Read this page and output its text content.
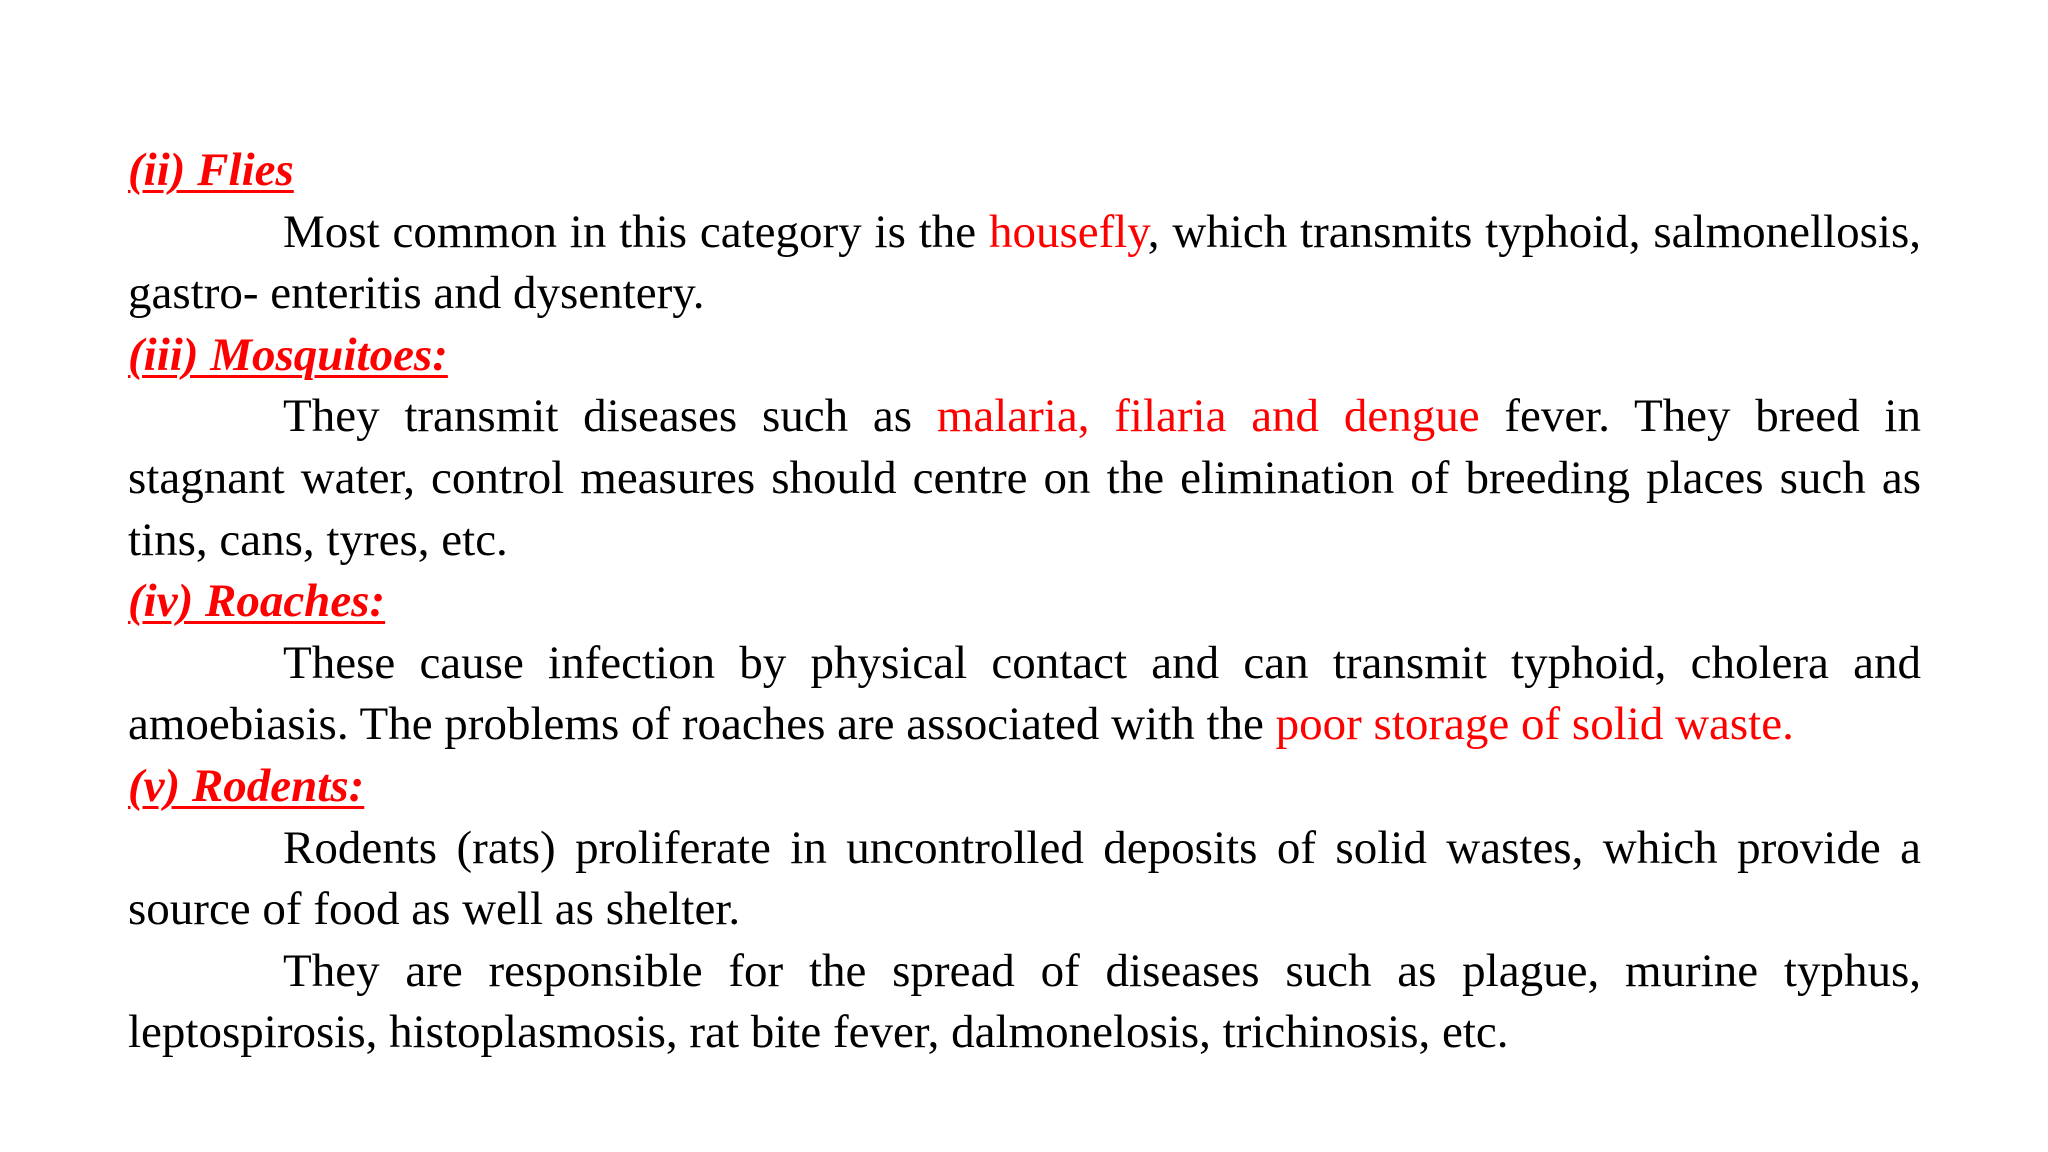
(ii) Flies

Most common in this category is the housefly, which transmits typhoid, salmonellosis, gastro- enteritis and dysentery.

(iii) Mosquitoes:

They transmit diseases such as malaria, filaria and dengue fever. They breed in stagnant water, control measures should centre on the elimination of breeding places such as tins, cans, tyres, etc.

(iv) Roaches:

These cause infection by physical contact and can transmit typhoid, cholera and amoebiasis. The problems of roaches are associated with the poor storage of solid waste.

(v) Rodents:

Rodents (rats) proliferate in uncontrolled deposits of solid wastes, which provide a source of food as well as shelter.

They are responsible for the spread of diseases such as plague, murine typhus, leptospirosis, histoplasmosis, rat bite fever, dalmonelosis, trichinosis, etc.
